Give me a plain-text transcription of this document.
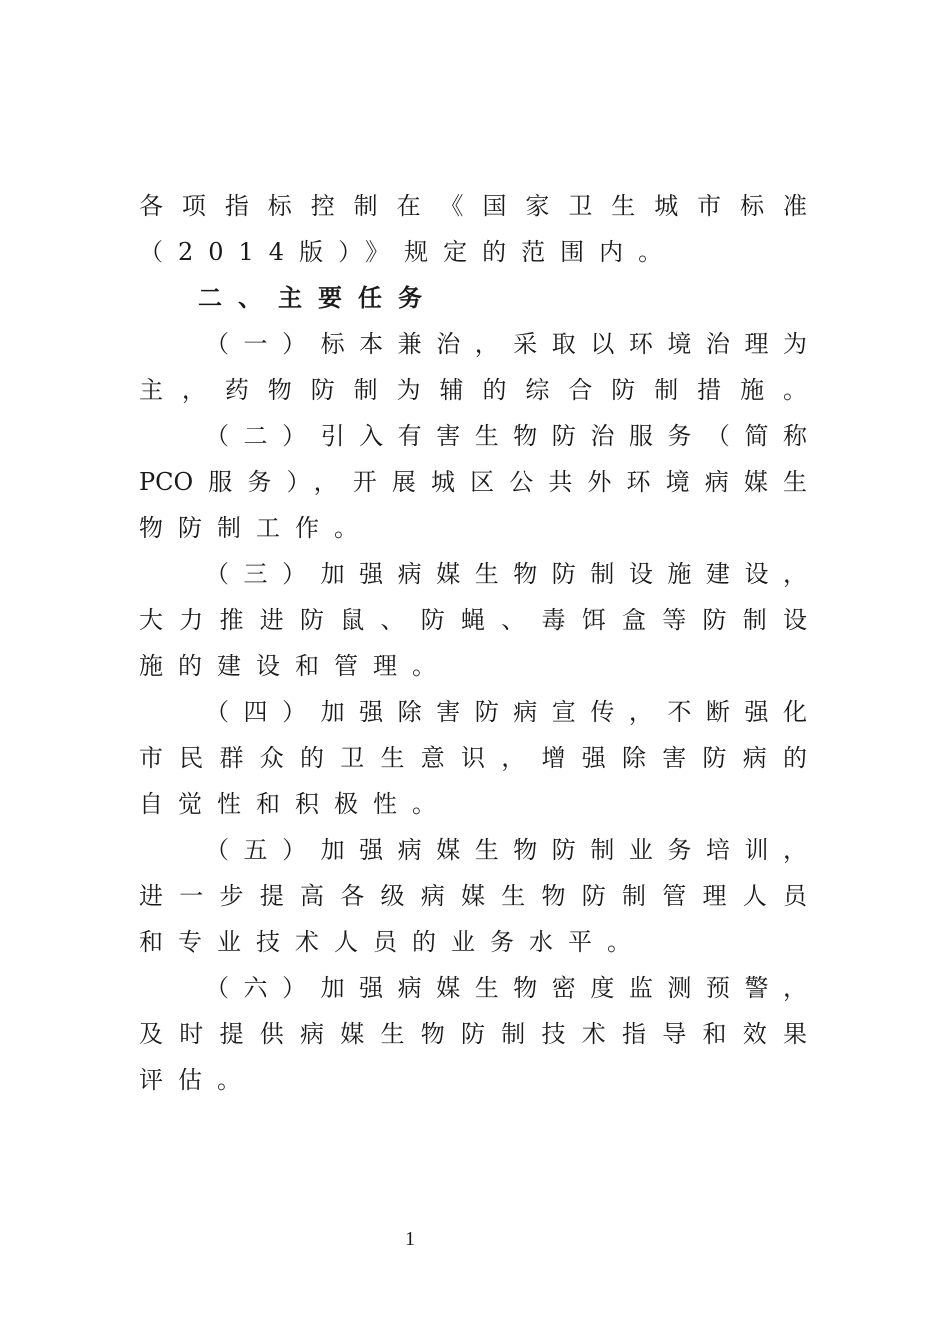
各项指标控制在《国家卫生城市标准
（2014版）》规定的范围内。
二、主要任务
（一）标本兼治，采取以环境治理为
主，药物防制为辅的综合防制措施。
（二）引入有害生物防治服务（简称
PCO服务），开展城区公共外环境病媒生
物防制工作。
（三）加强病媒生物防制设施建设，
大力推进防鼠、防蝇、毒饵盒等防制设
施的建设和管理。
（四）加强除害防病宣传，不断强化
市民群众的卫生意识，增强除害防病的
自觉性和积极性。
（五）加强病媒生物防制业务培训，
进一步提高各级病媒生物防制管理人员
和专业技术人员的业务水平。
（六）加强病媒生物密度监测预警，
及时提供病媒生物防制技术指导和效果
评估。
1
